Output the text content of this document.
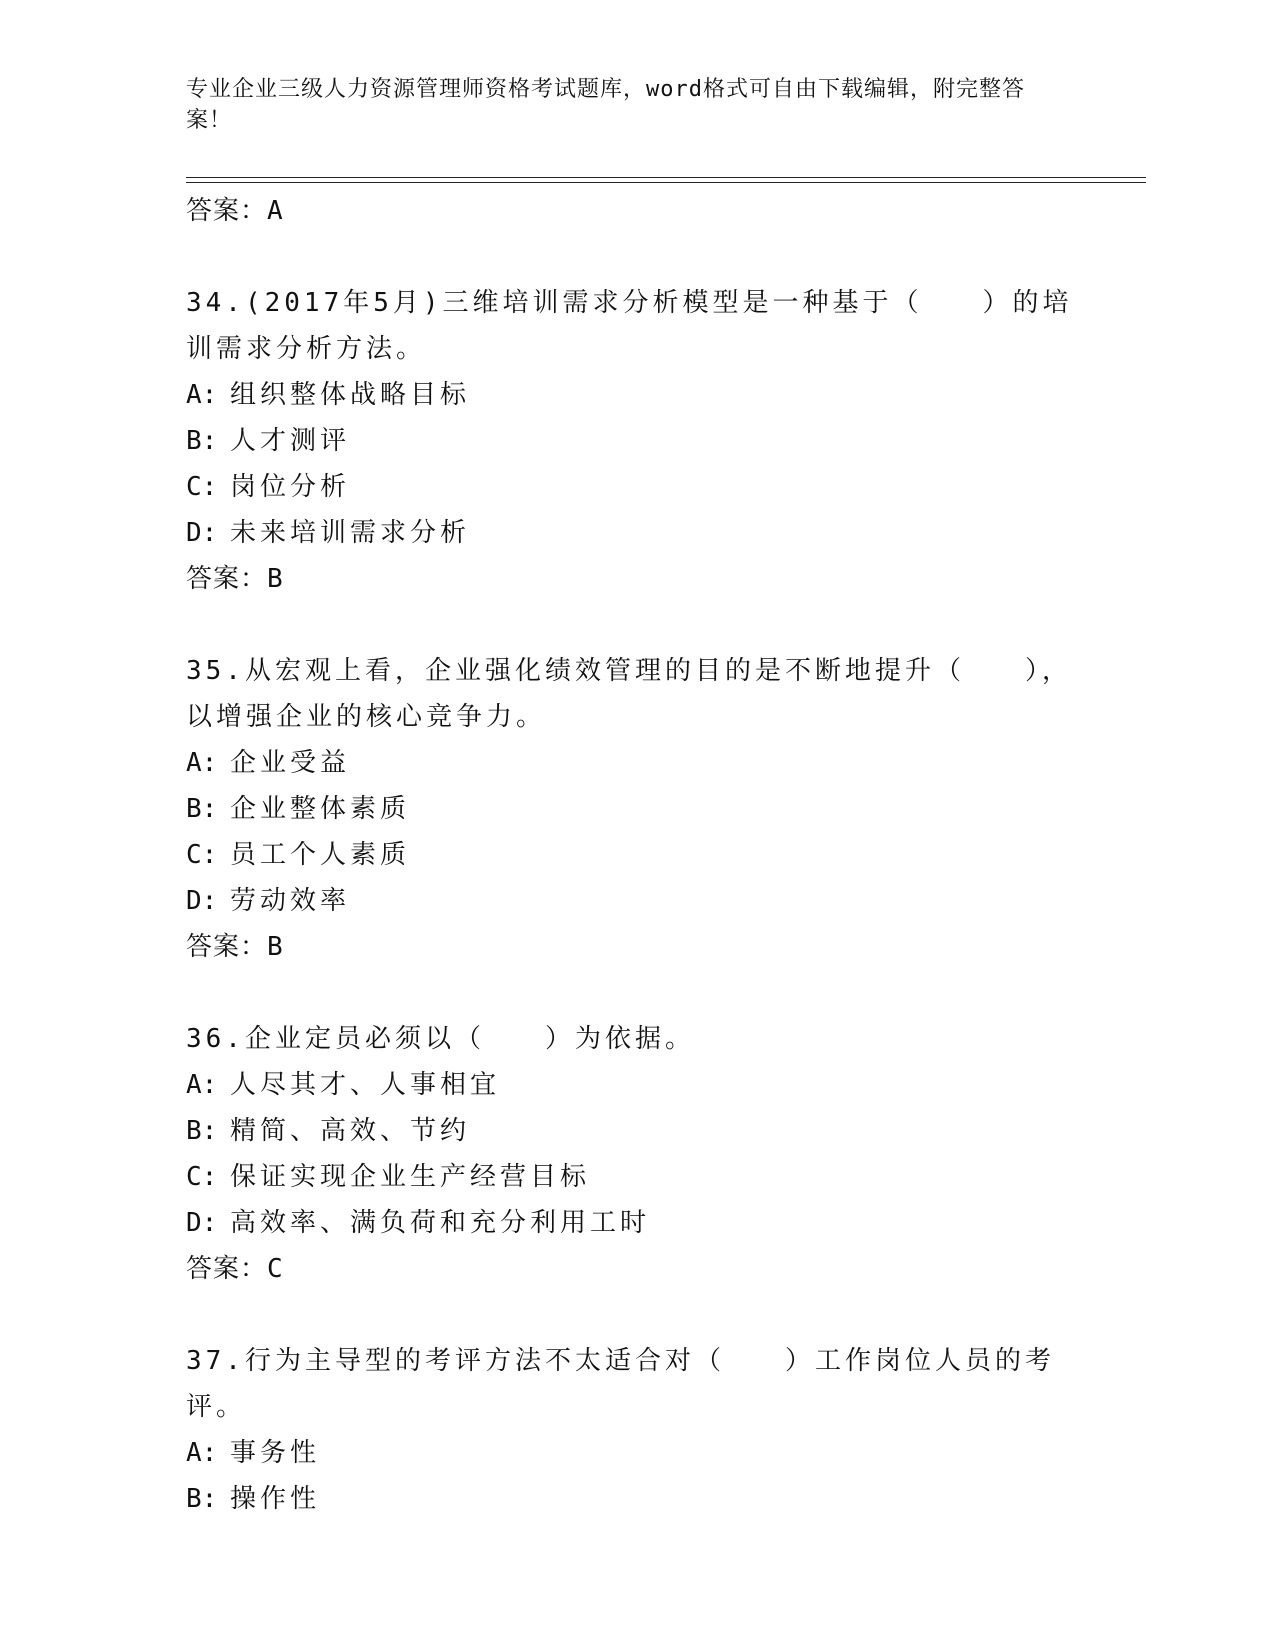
专业企业三级人力资源管理师资格考试题库，word格式可自由下载编辑，附完整答案！
答案：A

34.(2017年5月)三维培训需求分析模型是一种基于（　　）的培训需求分析方法。

A: 组织整体战略目标

B: 人才测评

C: 岗位分析

D: 未来培训需求分析

答案：B

35.从宏观上看，企业强化绩效管理的目的是不断地提升（　　），以增强企业的核心竞争力。

A: 企业受益

B: 企业整体素质

C: 员工个人素质

D: 劳动效率

答案：B

36.企业定员必须以（　　）为依据。

A: 人尽其才、人事相宜

B: 精简、高效、节约

C: 保证实现企业生产经营目标

D: 高效率、满负荷和充分利用工时

答案：C

37.行为主导型的考评方法不太适合对（　　）工作岗位人员的考评。

A: 事务性

B: 操作性
